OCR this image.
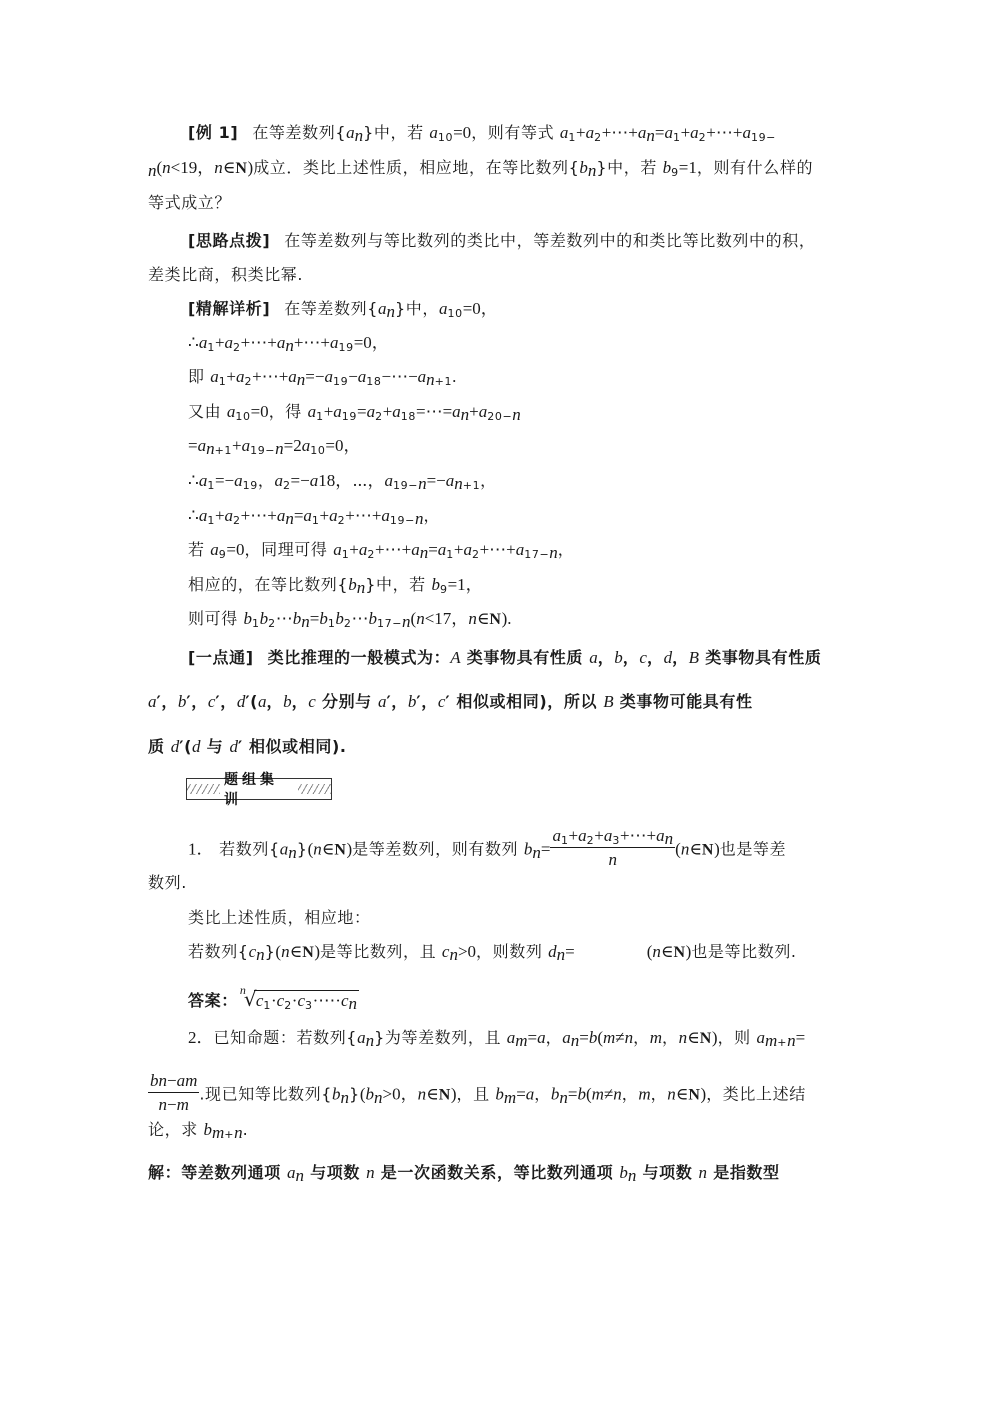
[例 1] 在等差数列$\{a_n\}$中，若 $a_{10}=0$，则有等式 $a_1+a_2+\cdots+a_n=a_1+a_2+\cdots+a_{19-}$
$_n$(n<19，n∈N)成立．类比上述性质，相应地，在等比数列$\{b_n\}$中，若 $b_9=1$，则有什么样的
等式成立？
[思路点拨] 在等差数列与等比数列的类比中，等差数列中的和类比等比数列中的积，
差类比商，积类比幂.
[精解详析] 在等差数列$\{a_n\}$中，$a_{10}=0$，
$\therefore a_1+a_2+\cdots+a_n+\cdots+a_{19}=0$，
即 $a_1+a_2+\cdots+a_n=-a_{19}-a_{18}-\cdots-a_{n+1}$.
又由 $a_{10}=0$，得 $a_1+a_{19}=a_2+a_{18}=\cdots=a_n+a_{20-n}$
$=a_{n+1}+a_{19-n}=2a_{10}=0$，
$\therefore a_1=-a_{19}$，$a_2=-a18$，⋯，$a_{19-n}=-a_{n+1}$，
$\therefore a_1+a_2+\cdots+a_n=a_1+a_2+\cdots+a_{19-n}$，
若 $a_9=0$，同理可得 $a_1+a_2+\cdots+a_n=a_1+a_2+\cdots+a_{17-n}$，
相应的，在等比数列$\{b_n\}$中，若 $b_9=1$，
则可得 $b_1b_2\cdots b_n=b_1b_2\cdots b_{17-n}(n<17$，n∈N).
[一点通] 类比推理的一般模式为：A 类事物具有性质 a，b，c，d，B 类事物具有性质
a′，b′，c′，d′(a，b，c 分别与 a′，b′，c′ 相似或相同)，所以 B 类事物可能具有性
质 d′(d 与 d′ 相似或相同).
题组集训
1． 若数列$\{a_n\}(n\in N)$是等差数列，则有数列 $b_n= \frac{a_1+a_2+a_3+\cdots+a_n}{n}$ (n∈N)也是等差
数列.
类比上述性质，相应地：
若数列$\{c_n\}(n\in N)$是等比数列，且 $c_n>0$，则数列 $d_n=$	(n∈N)也是等比数列.
答案：
n
√
$c_1\cdot c_2\cdot c_3\cdot\cdots\cdot c_n$
2．已知命题：若数列$\{a_n\}$为等差数列，且 $a_m=a$，$a_n=b(m\ne n$，m，n∈N)，则 $a_{m+n}=$
$\frac{bn-am}{n-m}$ .现已知等比数列$\{b_n\}(b_n>0$，n∈N)，且 $b_m=a$，$b_n=b(m\ne n$，m，n∈N)，类比上述结
论，求 $b_{m+n}$.
解：等差数列通项 $a_n$ 与项数 n 是一次函数关系，等比数列通项 $b_n$ 与项数 n 是指数型
